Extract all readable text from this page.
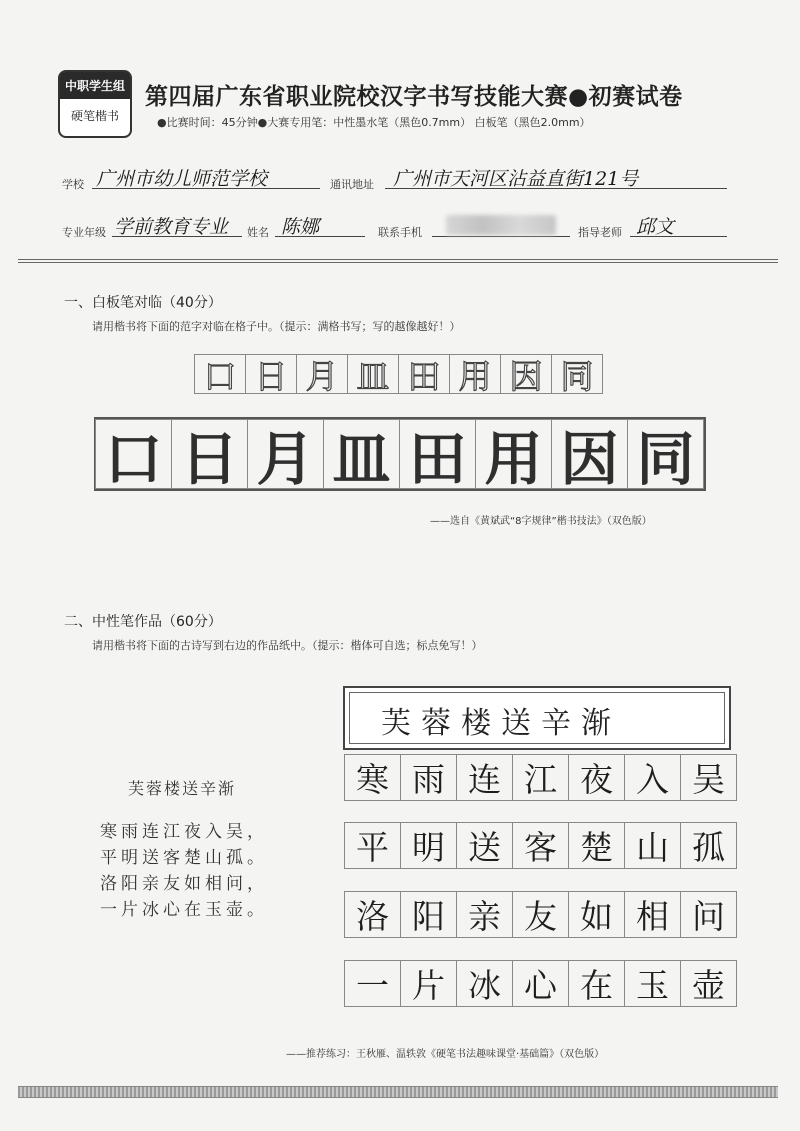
中职学生组
硬笔楷书
第四届广东省职业院校汉字书写技能大赛●初赛试卷
●比赛时间：45分钟●大赛专用笔：中性墨水笔（黑色0.7mm） 白板笔（黑色2.0mm）
学校 广州市幼儿师范学校	通讯地址 广州市天河区沾益直街121号
专业年级 学前教育专业 姓名 陈娜	联系手机	指导老师 邱文
一、白板笔对临（40分）
请用楷书将下面的范字对临在格子中。（提示：满格书写；写的越像越好！）
口 日 月 皿 田 用 因 同
口 日 月 皿 田 用 因 同
——选自《黄斌武“8字规律”楷书技法》（双色版）
二、中性笔作品（60分）
请用楷书将下面的古诗写到右边的作品纸中。（提示：楷体可自选；标点免写！）
芙蓉楼送辛渐
寒雨连江夜入吴，
平明送客楚山孤。
洛阳亲友如相问，
一片冰心在玉壶。
芙蓉楼送辛渐
寒 雨 连 江 夜 入 吴
平 明 送 客 楚 山 孤
洛 阳 亲 友 如 相 问
一 片 冰 心 在 玉 壶
——推荐练习：王秋雁、温轶敦《硬笔书法趣味课堂·基础篇》（双色版）
